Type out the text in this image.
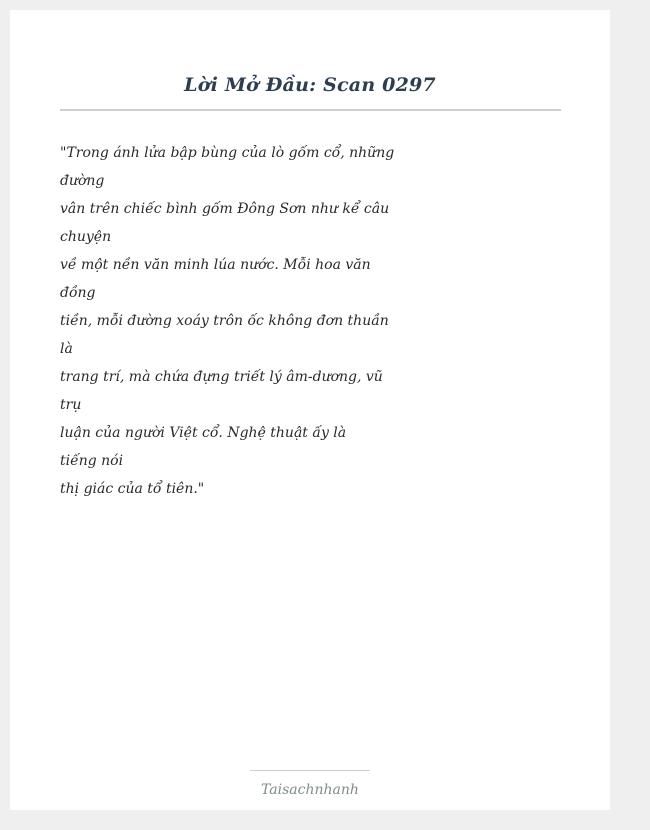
Lời Mở Đầu: Scan 0297
"Trong ánh lửa bập bùng của lò gốm cổ, những
đường
vân trên chiếc bình gốm Đông Sơn như kể câu
chuyện
về một nền văn minh lúa nước. Mỗi hoa văn
đồng
tiền, mỗi đường xoáy trôn ốc không đơn thuần
là
trang trí, mà chứa đựng triết lý âm-dương, vũ
trụ
luận của người Việt cổ. Nghệ thuật ấy là
tiếng nói
thị giác của tổ tiên."
Taisachnhanh
